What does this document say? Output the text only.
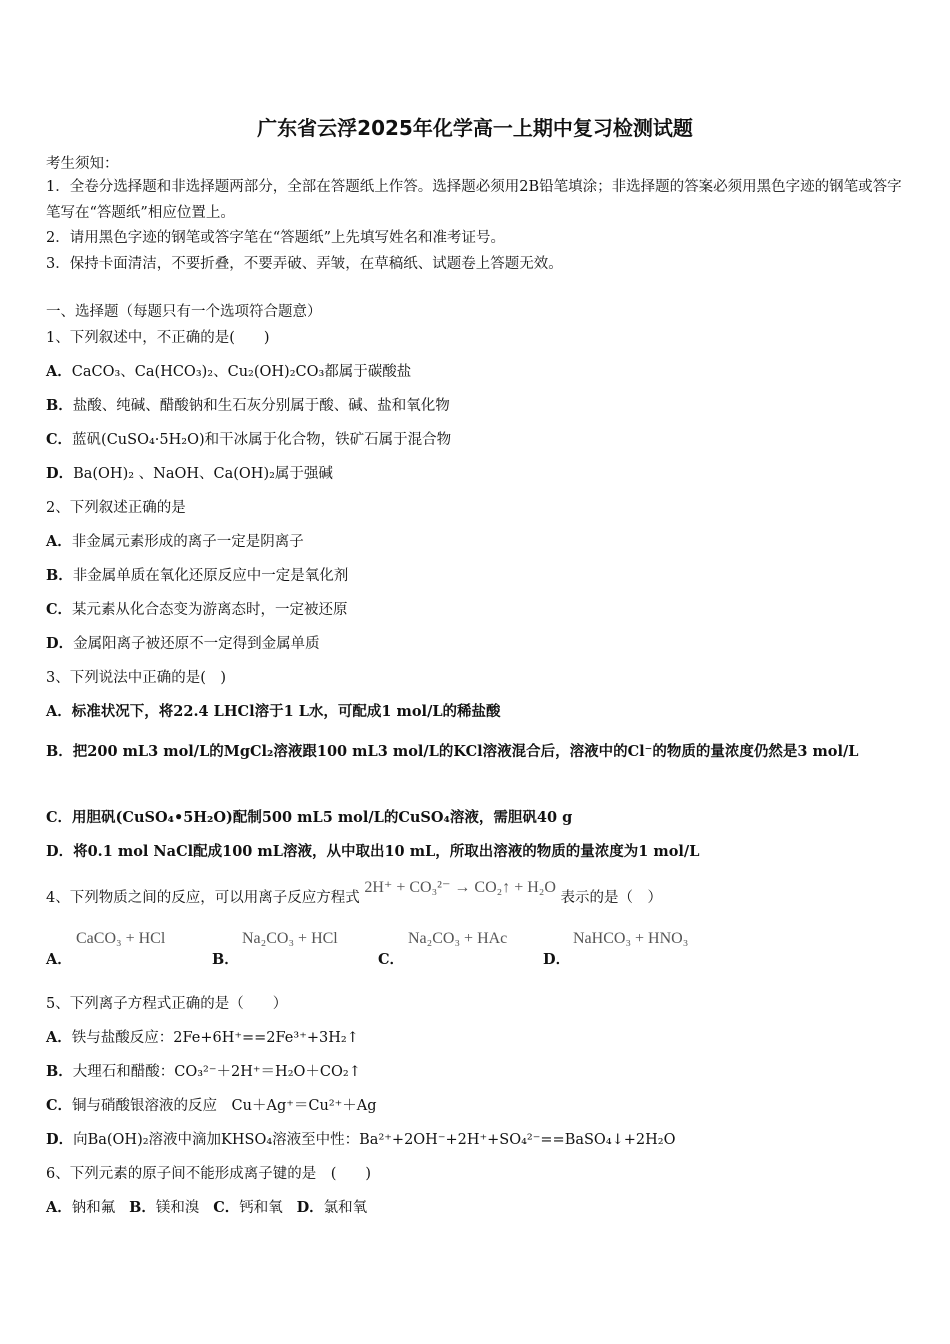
广东省云浮2025年化学高一上期中复习检测试题
考生须知：
1．全卷分选择题和非选择题两部分，全部在答题纸上作答。选择题必须用2B铅笔填涂；非选择题的答案必须用黑色字迹的钢笔或答字笔写在“答题纸”相应位置上。
2．请用黑色字迹的钢笔或答字笔在“答题纸”上先填写姓名和准考证号。
3．保持卡面清洁，不要折叠，不要弄破、弄皱，在草稿纸、试题卷上答题无效。
一、选择题（每题只有一个选项符合题意）
1、下列叙述中，不正确的是(　　)
A．CaCO₃、Ca(HCO₃)₂、Cu₂(OH)₂CO₃都属于碳酸盐
B．盐酸、纯碱、醋酸钠和生石灰分别属于酸、碱、盐和氧化物
C．蓝矾(CuSO₄·5H₂O)和干冰属于化合物，铁矿石属于混合物
D．Ba(OH)₂ 、NaOH、Ca(OH)₂属于强碱
2、下列叙述正确的是
A．非金属元素形成的离子一定是阴离子
B．非金属单质在氧化还原反应中一定是氧化剂
C．某元素从化合态变为游离态时，一定被还原
D．金属阳离子被还原不一定得到金属单质
3、下列说法中正确的是(　)
A．标准状况下，将22.4 LHCl溶于1 L水，可配成1 mol/L的稀盐酸
B．把200 mL3 mol/L的MgCl₂溶液跟100 mL3 mol/L的KCl溶液混合后，溶液中的Cl⁻的物质的量浓度仍然是3 mol/L
C．用胆矾(CuSO₄•5H₂O)配制500 mL5 mol/L的CuSO₄溶液，需胆矾40 g
D．将0.1 mol NaCl配成100 mL溶液，从中取出10 mL，所取出溶液的物质的量浓度为1 mol/L
4、下列物质之间的反应，可以用离子反应方程式 2H⁺ + CO₃²⁻ → CO₂↑ + H₂O 表示的是（　）
A．
CaCO₃ + HCl
B．
Na₂CO₃ + HCl
C．
Na₂CO₃ + HAc
D．
NaHCO₃ + HNO₃
5、下列离子方程式正确的是（　　）
A．铁与盐酸反应：2Fe+6H⁺==2Fe³⁺+3H₂↑
B．大理石和醋酸：CO₃²⁻＋2H⁺＝H₂O＋CO₂↑
C．铜与硝酸银溶液的反应　Cu＋Ag⁺＝Cu²⁺＋Ag
D．向Ba(OH)₂溶液中滴加KHSO₄溶液至中性：Ba²⁺+2OH⁻+2H⁺+SO₄²⁻==BaSO₄↓+2H₂O
6、下列元素的原子间不能形成离子键的是　(　　)
A．钠和氟 B．镁和溴 C．钙和氧 D．氯和氧
